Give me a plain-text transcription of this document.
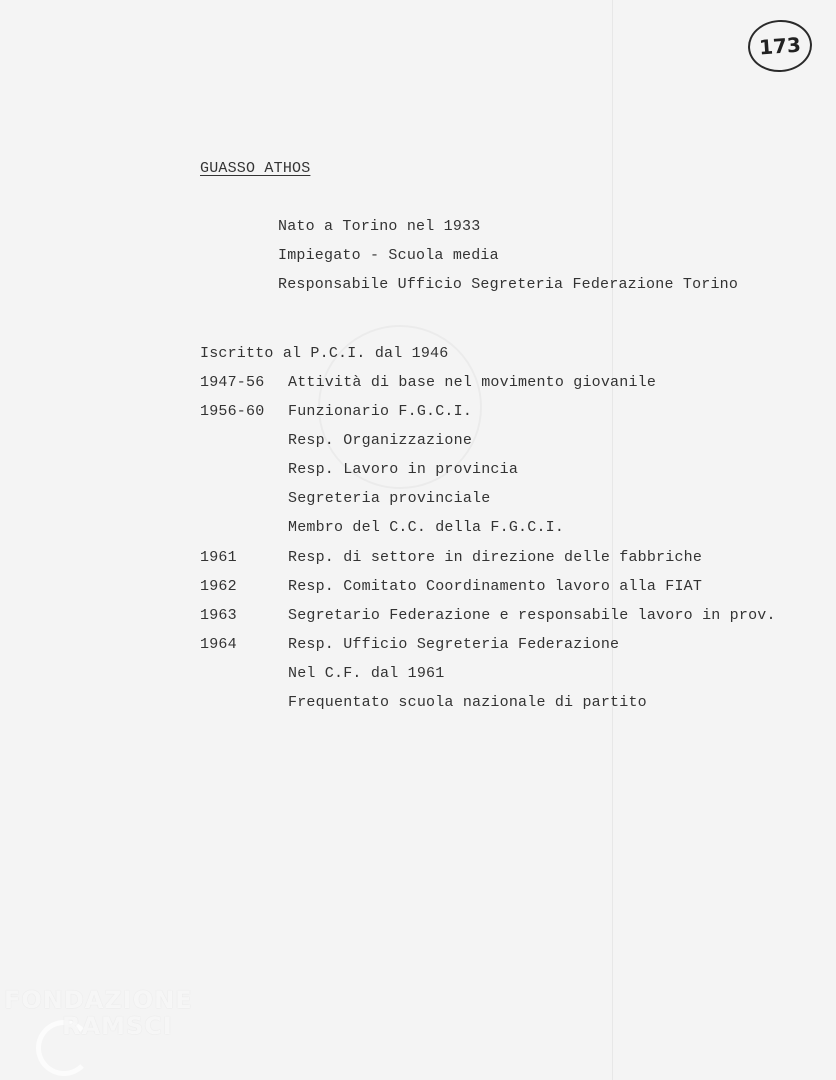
173
GUASSO ATHOS
Nato a Torino nel 1933
Impiegato - Scuola media
Responsabile Ufficio Segreteria Federazione Torino
Iscritto al P.C.I. dal 1946
1947-56 Attività di base nel movimento giovanile
1956-60 Funzionario F.G.C.I.
Resp. Organizzazione
Resp. Lavoro in provincia
Segreteria provinciale
Membro del C.C. della F.G.C.I.
1961	Resp. di settore in direzione delle fabbriche
1962	Resp. Comitato Coordinamento lavoro alla FIAT
1963	Segretario Federazione e responsabile lavoro in prov.
1964	Resp. Ufficio Segreteria Federazione
Nel C.F. dal 1961
Frequentato scuola nazionale di partito
FONDAZIONE
RAMSCI
